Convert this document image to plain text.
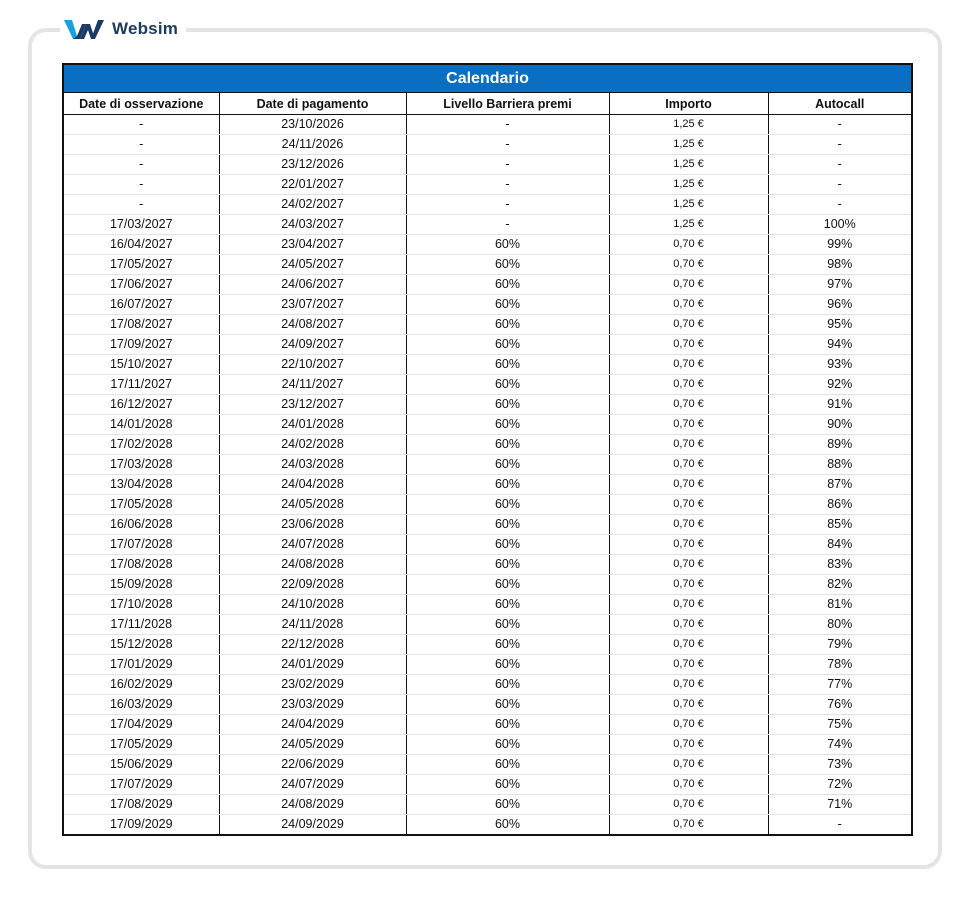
Websim
Calendario				
Date di osservazione	Date di pagamento	Livello Barriera premi	Importo	Autocall
-	23/10/2026	-	1,25 €	-
-	24/11/2026	-	1,25 €	-
-	23/12/2026	-	1,25 €	-
-	22/01/2027	-	1,25 €	-
-	24/02/2027	-	1,25 €	-
17/03/2027	24/03/2027	-	1,25 €	100%
16/04/2027	23/04/2027	60%	0,70 €	99%
17/05/2027	24/05/2027	60%	0,70 €	98%
17/06/2027	24/06/2027	60%	0,70 €	97%
16/07/2027	23/07/2027	60%	0,70 €	96%
17/08/2027	24/08/2027	60%	0,70 €	95%
17/09/2027	24/09/2027	60%	0,70 €	94%
15/10/2027	22/10/2027	60%	0,70 €	93%
17/11/2027	24/11/2027	60%	0,70 €	92%
16/12/2027	23/12/2027	60%	0,70 €	91%
14/01/2028	24/01/2028	60%	0,70 €	90%
17/02/2028	24/02/2028	60%	0,70 €	89%
17/03/2028	24/03/2028	60%	0,70 €	88%
13/04/2028	24/04/2028	60%	0,70 €	87%
17/05/2028	24/05/2028	60%	0,70 €	86%
16/06/2028	23/06/2028	60%	0,70 €	85%
17/07/2028	24/07/2028	60%	0,70 €	84%
17/08/2028	24/08/2028	60%	0,70 €	83%
15/09/2028	22/09/2028	60%	0,70 €	82%
17/10/2028	24/10/2028	60%	0,70 €	81%
17/11/2028	24/11/2028	60%	0,70 €	80%
15/12/2028	22/12/2028	60%	0,70 €	79%
17/01/2029	24/01/2029	60%	0,70 €	78%
16/02/2029	23/02/2029	60%	0,70 €	77%
16/03/2029	23/03/2029	60%	0,70 €	76%
17/04/2029	24/04/2029	60%	0,70 €	75%
17/05/2029	24/05/2029	60%	0,70 €	74%
15/06/2029	22/06/2029	60%	0,70 €	73%
17/07/2029	24/07/2029	60%	0,70 €	72%
17/08/2029	24/08/2029	60%	0,70 €	71%
17/09/2029	24/09/2029	60%	0,70 €	-
